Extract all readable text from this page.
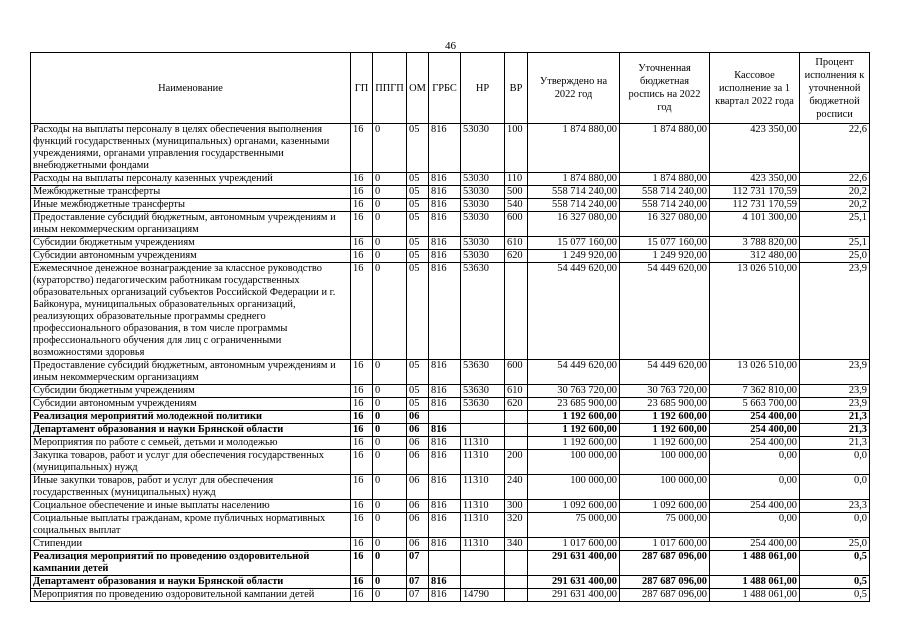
46
Наименование	ГП	ППГП	ОМ	ГРБС	НР	ВР	Утверждено на 2022 год	Уточненная бюджетная роспись на 2022 год	Кассовое исполнение за 1 квартал 2022 года	Процент исполнения к уточненной бюджетной росписи
Расходы на выплаты персоналу в целях обеспечения выполнения функций государственных (муниципальных) органами, казенными учреждениями, органами управления государственными внебюджетными фондами	16	0	05	816	53030	100	1 874 880,00	1 874 880,00	423 350,00	22,6
Расходы на выплаты персоналу казенных учреждений	16	0	05	816	53030	110	1 874 880,00	1 874 880,00	423 350,00	22,6
Межбюджетные трансферты	16	0	05	816	53030	500	558 714 240,00	558 714 240,00	112 731 170,59	20,2
Иные межбюджетные трансферты	16	0	05	816	53030	540	558 714 240,00	558 714 240,00	112 731 170,59	20,2
Предоставление субсидий бюджетным, автономным учреждениям и иным некоммерческим организациям	16	0	05	816	53030	600	16 327 080,00	16 327 080,00	4 101 300,00	25,1
Субсидии бюджетным учреждениям	16	0	05	816	53030	610	15 077 160,00	15 077 160,00	3 788 820,00	25,1
Субсидии автономным учреждениям	16	0	05	816	53030	620	1 249 920,00	1 249 920,00	312 480,00	25,0
Ежемесячное денежное вознаграждение за классное руководство (кураторство) педагогическим работникам государственных образовательных организаций субъектов Российской Федерации и г. Байконура, муниципальных образовательных организаций, реализующих образовательные программы среднего профессионального образования, в том числе программы профессионального обучения для лиц с ограниченными возможностями здоровья	16	0	05	816	53630		54 449 620,00	54 449 620,00	13 026 510,00	23,9
Предоставление субсидий бюджетным, автономным учреждениям и иным некоммерческим организациям	16	0	05	816	53630	600	54 449 620,00	54 449 620,00	13 026 510,00	23,9
Субсидии бюджетным учреждениям	16	0	05	816	53630	610	30 763 720,00	30 763 720,00	7 362 810,00	23,9
Субсидии автономным учреждениям	16	0	05	816	53630	620	23 685 900,00	23 685 900,00	5 663 700,00	23,9
Реализация мероприятий молодежной политики	16	0	06				1 192 600,00	1 192 600,00	254 400,00	21,3
Департамент образования и науки Брянской области	16	0	06	816			1 192 600,00	1 192 600,00	254 400,00	21,3
Мероприятия по работе с семьей, детьми и молодежью	16	0	06	816	11310		1 192 600,00	1 192 600,00	254 400,00	21,3
Закупка товаров, работ и услуг для обеспечения государственных (муниципальных) нужд	16	0	06	816	11310	200	100 000,00	100 000,00	0,00	0,0
Иные закупки товаров, работ и услуг для обеспечения государственных (муниципальных) нужд	16	0	06	816	11310	240	100 000,00	100 000,00	0,00	0,0
Социальное обеспечение и иные выплаты населению	16	0	06	816	11310	300	1 092 600,00	1 092 600,00	254 400,00	23,3
Социальные выплаты гражданам, кроме публичных нормативных социальных выплат	16	0	06	816	11310	320	75 000,00	75 000,00	0,00	0,0
Стипендии	16	0	06	816	11310	340	1 017 600,00	1 017 600,00	254 400,00	25,0
Реализация мероприятий по проведению оздоровительной кампании детей	16	0	07				291 631 400,00	287 687 096,00	1 488 061,00	0,5
Департамент образования и науки Брянской области	16	0	07	816			291 631 400,00	287 687 096,00	1 488 061,00	0,5
Мероприятия по проведению оздоровительной кампании детей	16	0	07	816	14790		291 631 400,00	287 687 096,00	1 488 061,00	0,5
